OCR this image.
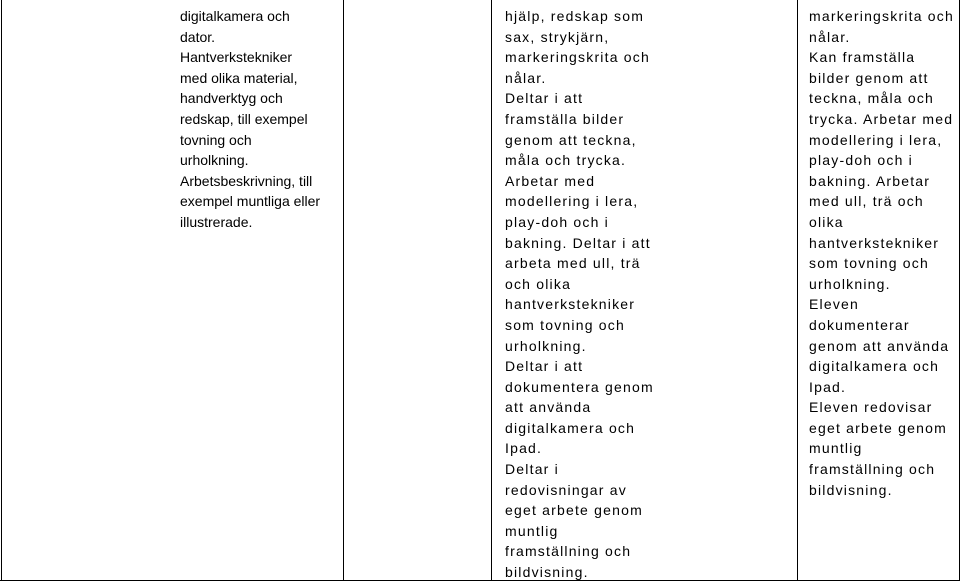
digitalkamera och
dator.
Hantverkstekniker
med olika material,
handverktyg och
redskap, till exempel
tovning och
urholkning.
Arbetsbeskrivning, till
exempel muntliga eller
illustrerade.
hjälp, redskap som
sax, strykjärn,
markeringskrita och
nålar.
Deltar i att
framställa bilder
genom att teckna,
måla och trycka.
Arbetar med
modellering i lera,
play-doh och i
bakning. Deltar i att
arbeta med ull, trä
och olika
hantverkstekniker
som tovning och
urholkning.
Deltar i att
dokumentera genom
att använda
digitalkamera och
Ipad.
Deltar i
redovisningar av
eget arbete genom
muntlig
framställning och
bildvisning.
markeringskrita och
nålar.
Kan framställa
bilder genom att
teckna, måla och
trycka. Arbetar med
modellering i lera,
play-doh och i
bakning. Arbetar
med ull, trä och
olika
hantverkstekniker
som tovning och
urholkning.
Eleven
dokumenterar
genom att använda
digitalkamera och
Ipad.
Eleven redovisar
eget arbete genom
muntlig
framställning och
bildvisning.
